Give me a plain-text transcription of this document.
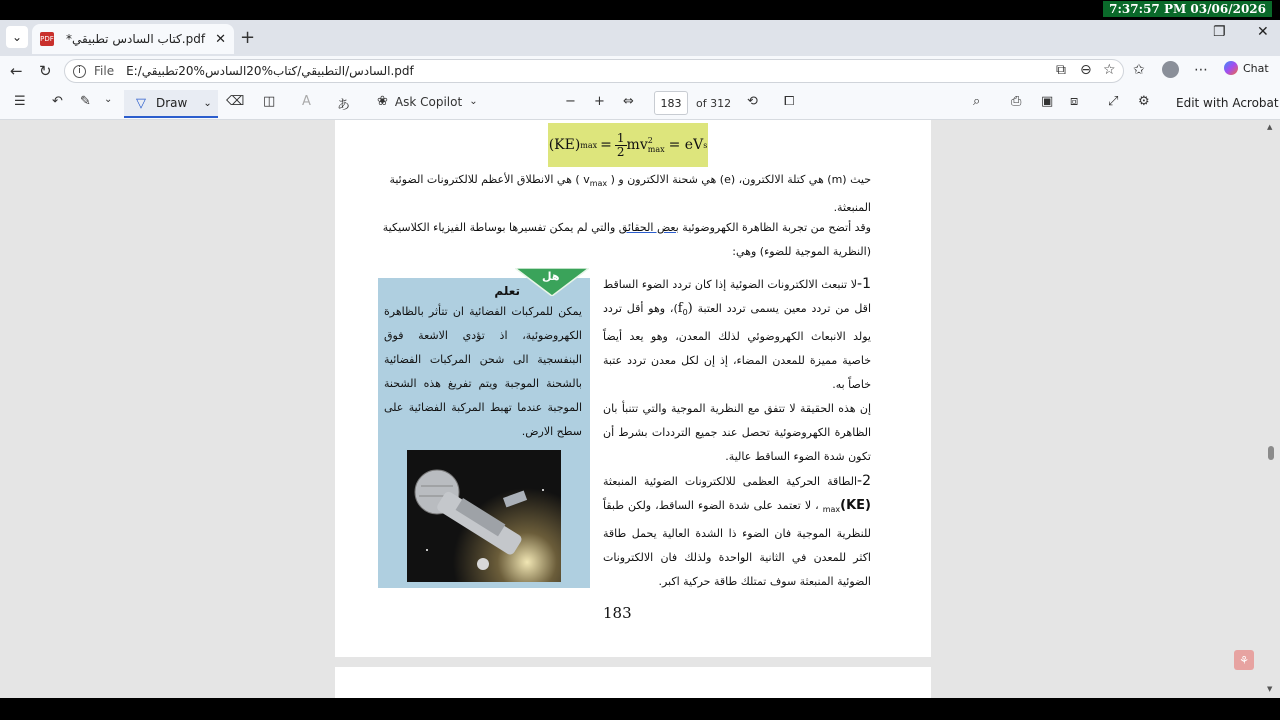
7:37:57 PM 03/06/2026
⌄	PDF	*كتاب السادس تطبيقي.pdf ✕ +	❐ ✕
← ↻	i	File E:/السادس/التطبيقي/كتاب%20السادس%20تطبيقي.pdf	⧉ ⊖ ☆ ✩	⋯	Chat
☰ ↶ ✎ ⌄ ▽ Draw ⌄ ⌫ ◫ A あ ❀ Ask Copilot ⌄	− + ⇔	183	of 312 ⟲ ⧠	⌕ ⎙ ▣ ⧈ ⤢ ⚙ Edit with Acrobat
(KE) $\max = \frac{1}{2}$ mv 2
max = eV s
حيث (m) هي كتلة الالكترون، (e) هي شحنة الالكترون و ( $v_{max}$ ) هي الانطلاق الأعظم للالكترونات الضوئية
المنبعثة.
وقد أتضح من تجربة الظاهرة الكهروضوئية بعض الحقائق والتي لم يمكن تفسيرها بوساطة الفيزياء الكلاسيكية
(النظرية الموجية للضوء) وهي:
1-لا تنبعث الالكترونات الضوئية إذا كان تردد الضوء الساقط اقل من تردد معين يسمى تردد العتبة $(f_0)،$ وهو أقل تردد يولد الانبعاث الكهروضوئي لذلك المعدن، وهو يعد أيضاً خاصية مميزة للمعدن المضاء، إذ إن لكل معدن تردد عتبة خاصاً به.
إن هذه الحقيقة لا تتفق مع النظرية الموجية والتي تتنبأ بان الظاهرة الكهروضوئية تحصل عند جميع الترددات بشرط أن تكون شدة الضوء الساقط عالية.
2-الطاقة الحركية العظمى للالكترونات الضوئية المنبعثة $(KE)_{max}$ ، لا تعتمد على شدة الضوء الساقط، ولكن طبقاً للنظرية الموجية فان الضوء ذا الشدة العالية يحمل طاقة اكثر للمعدن في الثانية الواحدة ولذلك فان الالكترونات الضوئية المنبعثة سوف تمتلك طاقة حركية اكبر.
تعلم
يمكن للمركبات الفضائية ان تتأثر بالظاهرة الكهروضوئية، اذ تؤدي الاشعة فوق البنفسجية الى شحن المركبات الفضائية بالشحنة الموجبة ويتم تفريغ هذه الشحنة الموجبة عندما تهبط المركبة الفضائية على سطح الارض.
هل
183
▲
▼
⚘
